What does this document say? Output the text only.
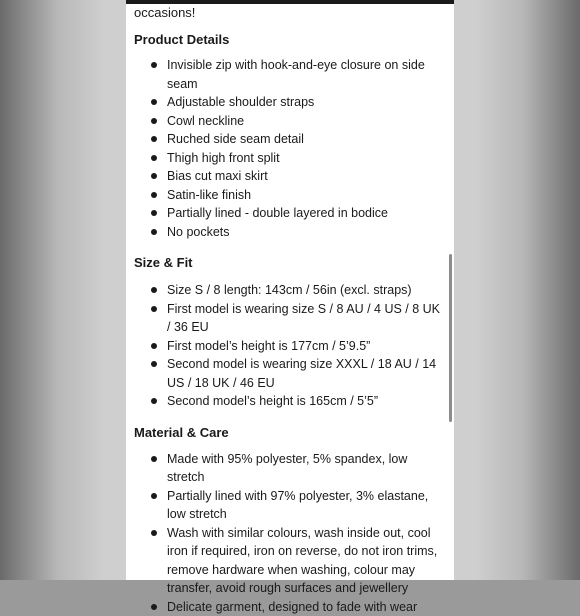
occasions!

Product Details
Invisible zip with hook-and-eye closure on side seam
Adjustable shoulder straps
Cowl neckline
Ruched side seam detail
Thigh high front split
Bias cut maxi skirt
Satin-like finish
Partially lined - double layered in bodice
No pockets
Size & Fit
Size S / 8 length: 143cm / 56in (excl. straps)
First model is wearing size S / 8 AU / 4 US / 8 UK / 36 EU
First model’s height is 177cm / 5’9.5”
Second model is wearing size XXXL / 18 AU / 14 US / 18 UK / 46 EU
Second model’s height is 165cm / 5’5”
Material & Care
Made with 95% polyester, 5% spandex, low stretch
Partially lined with 97% polyester, 3% elastane, low stretch
Wash with similar colours, wash inside out, cool iron if required, iron on reverse, do not iron trims, remove hardware when washing, colour may transfer, avoid rough surfaces and jewellery
Delicate garment, designed to fade with wear
